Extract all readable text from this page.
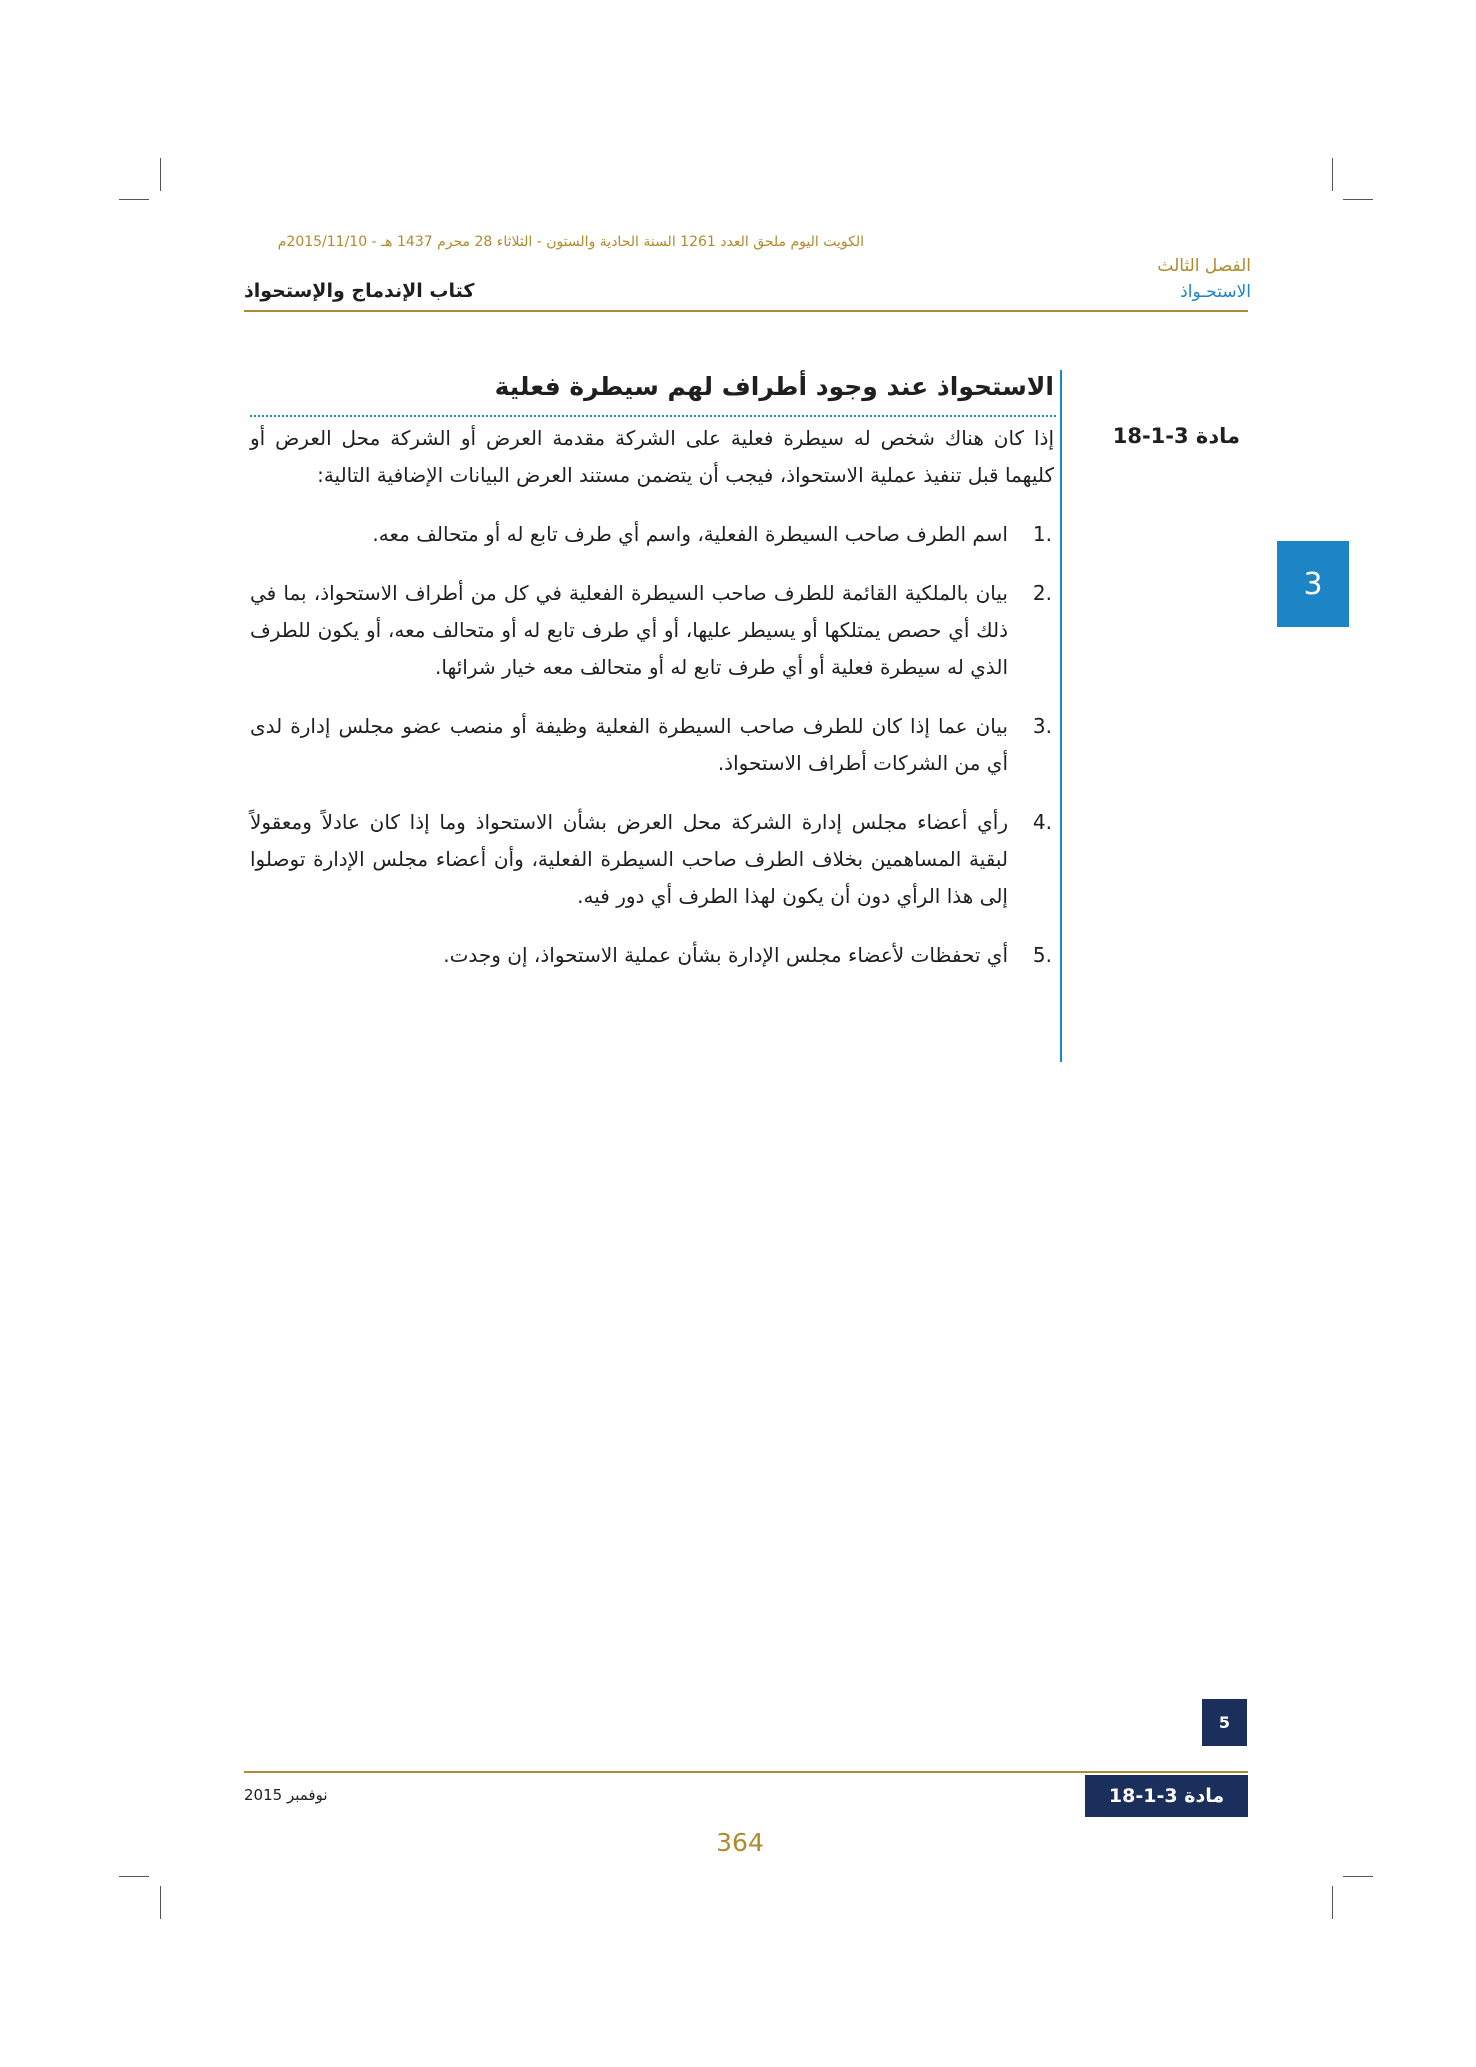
الكويت اليوم ملحق العدد 1261 السنة الحادية والستون - الثلاثاء 28 محرم 1437 هـ - 2015/11/10م
الفصل الثالث
الاستحـواذ
كتاب الإندماج والإستحواذ
3
الاستحواذ عند وجود أطراف لهم سيطرة فعلية
مادة 3-1-18

إذا كان هناك شخص له سيطرة فعلية على الشركة مقدمة العرض أو الشركة محل العرض أو كليهما قبل تنفيذ عملية الاستحواذ، فيجب أن يتضمن مستند العرض البيانات الإضافية التالية:

1.
اسم الطرف صاحب السيطرة الفعلية، واسم أي طرف تابع له أو متحالف معه.
2.
بيان بالملكية القائمة للطرف صاحب السيطرة الفعلية في كل من أطراف الاستحواذ، بما في ذلك أي حصص يمتلكها أو يسيطر عليها، أو أي طرف تابع له أو متحالف معه، أو يكون للطرف الذي له سيطرة فعلية أو أي طرف تابع له أو متحالف معه خيار شرائها.
3.
بيان عما إذا كان للطرف صاحب السيطرة الفعلية وظيفة أو منصب عضو مجلس إدارة لدى أي من الشركات أطراف الاستحواذ.
4.
رأي أعضاء مجلس إدارة الشركة محل العرض بشأن الاستحواذ وما إذا كان عادلاً ومعقولاً لبقية المساهمين بخلاف الطرف صاحب السيطرة الفعلية، وأن أعضاء مجلس الإدارة توصلوا إلى هذا الرأي دون أن يكون لهذا الطرف أي دور فيه.
5.
أي تحفظات لأعضاء مجلس الإدارة بشأن عملية الاستحواذ، إن وجدت.
5
نوفمبر 2015	مادة 3-1-18
364
